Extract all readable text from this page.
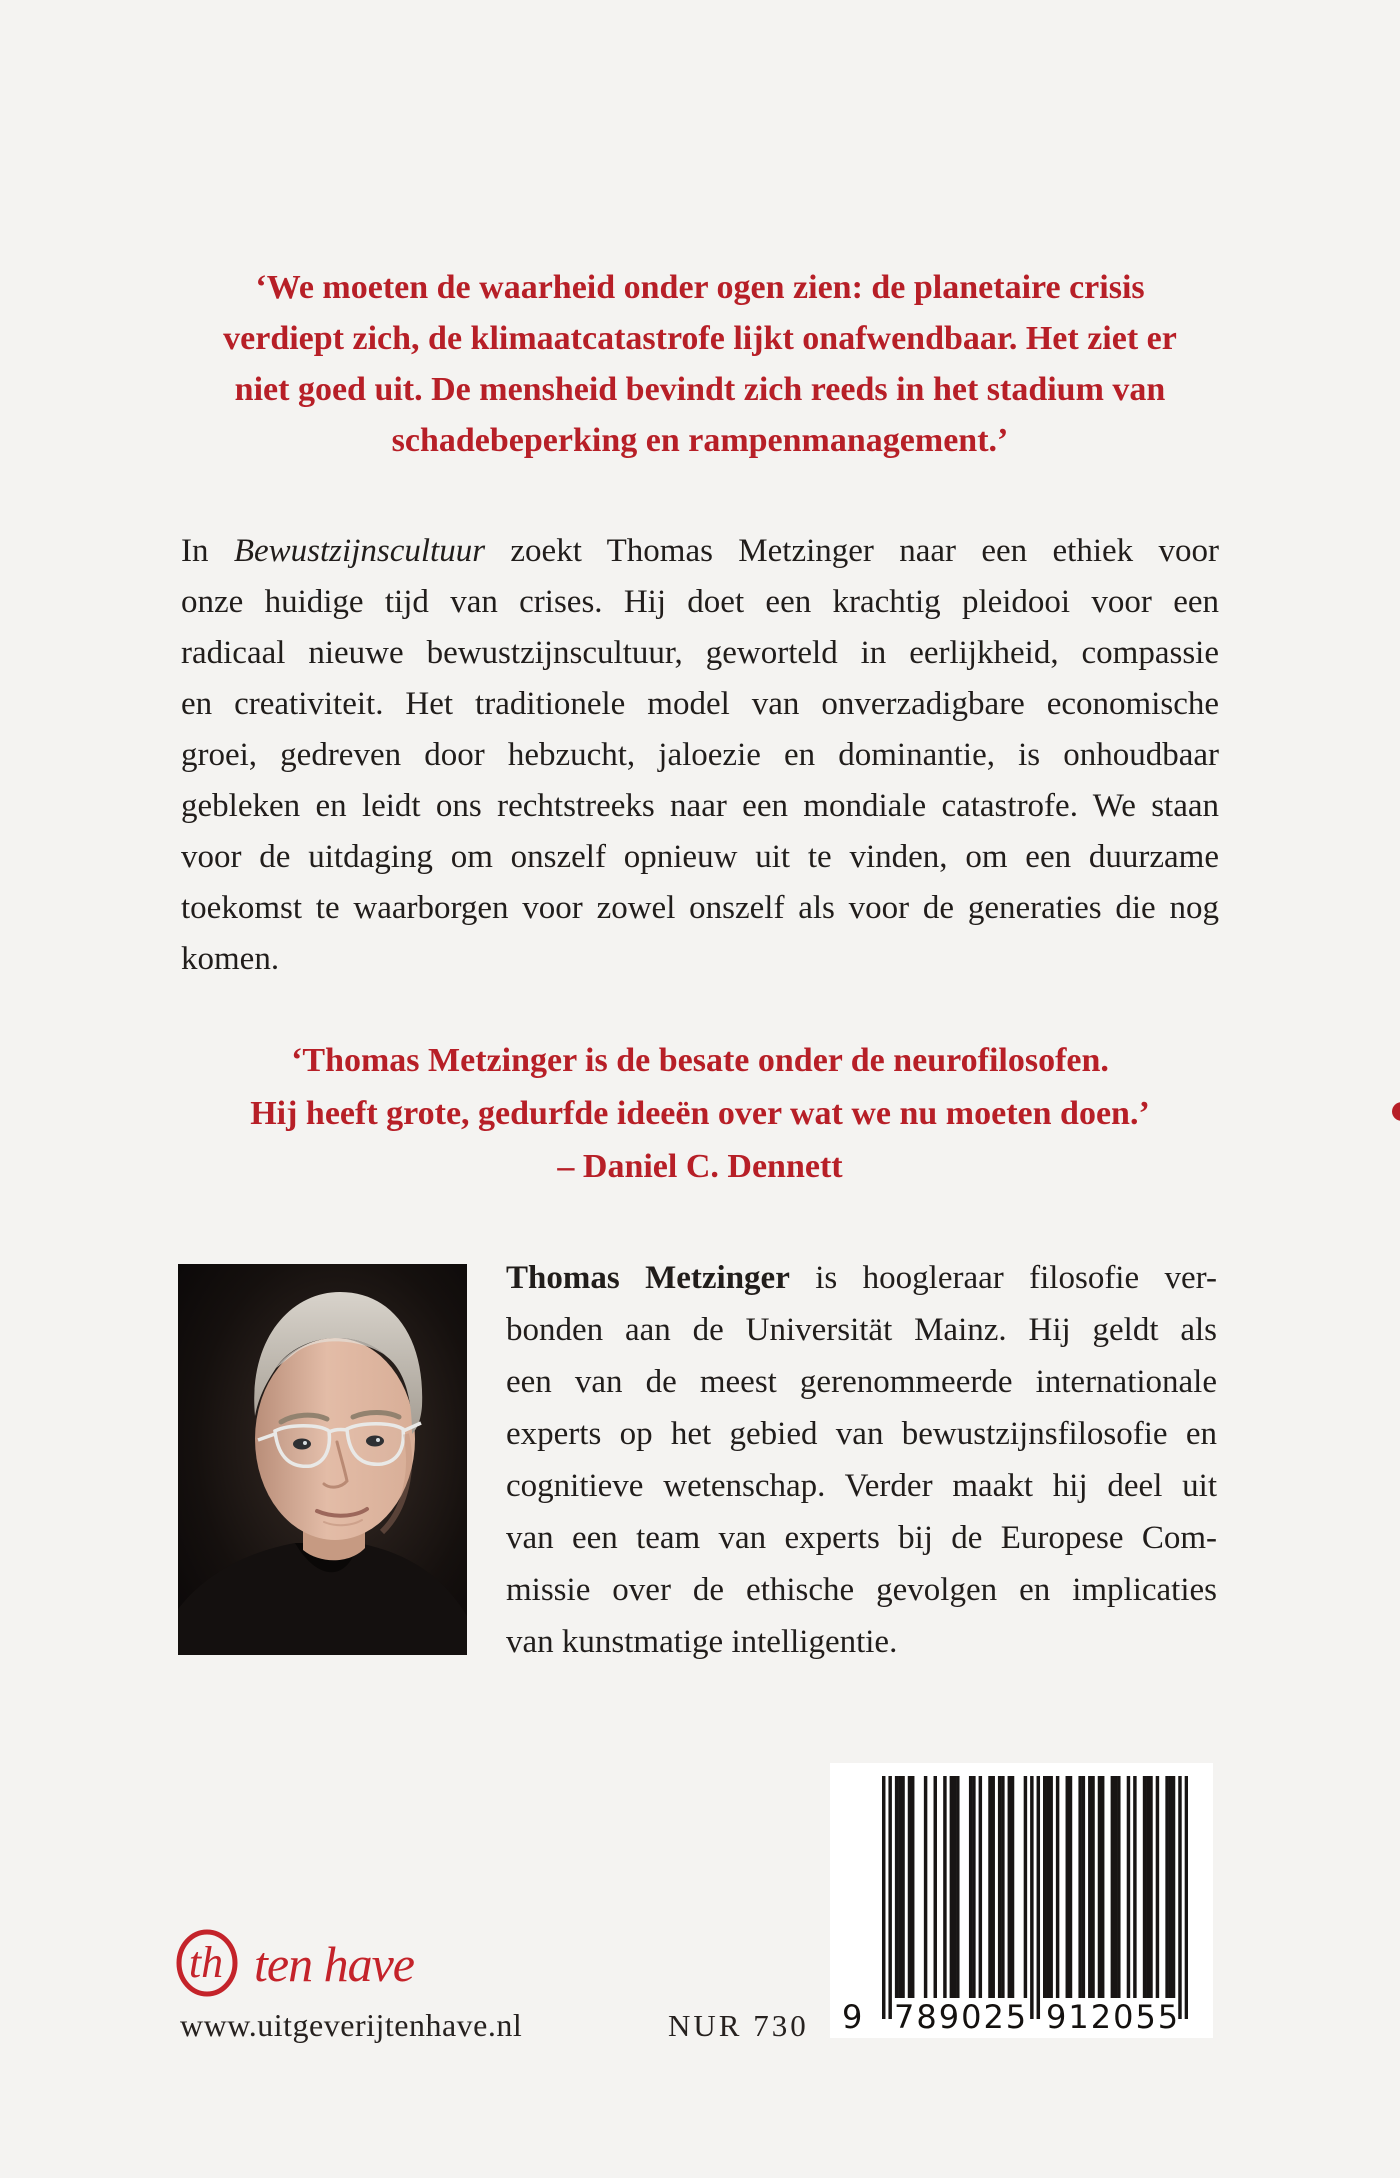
‘We moeten de waarheid onder ogen zien: de planetaire crisis
verdiept zich, de klimaatcatastrofe lijkt onafwendbaar. Het ziet er
niet goed uit. De mensheid bevindt zich reeds in het stadium van
schadebeperking en rampenmanagement.’
In Bewustzijnscultuur zoekt Thomas Metzinger naar een ethiek voor
onze huidige tijd van crises. Hij doet een krachtig pleidooi voor een
radicaal nieuwe bewustzijnscultuur, geworteld in eerlijkheid, compassie
en creativiteit. Het traditionele model van onverzadigbare economische
groei, gedreven door hebzucht, jaloezie en dominantie, is onhoudbaar
gebleken en leidt ons rechtstreeks naar een mondiale catastrofe. We staan
voor de uitdaging om onszelf opnieuw uit te vinden, om een duurzame
toekomst te waarborgen voor zowel onszelf als voor de generaties die nog
komen.
‘Thomas Metzinger is de besate onder de neurofilosofen.
Hij heeft grote, gedurfde ideeën over wat we nu moeten doen.’
– Daniel C. Dennett
Thomas Metzinger is hoogleraar filosofie ver-
bonden aan de Universität Mainz. Hij geldt als
een van de meest gerenommeerde internationale
experts op het gebied van bewustzijnsfilosofie en
cognitieve wetenschap. Verder maakt hij deel uit
van een team van experts bij de Europese Com-
missie over de ethische gevolgen en implicaties
van kunstmatige intelligentie.
th ten have
www.uitgeverijtenhave.nl	NUR 730 9 789025 912055
